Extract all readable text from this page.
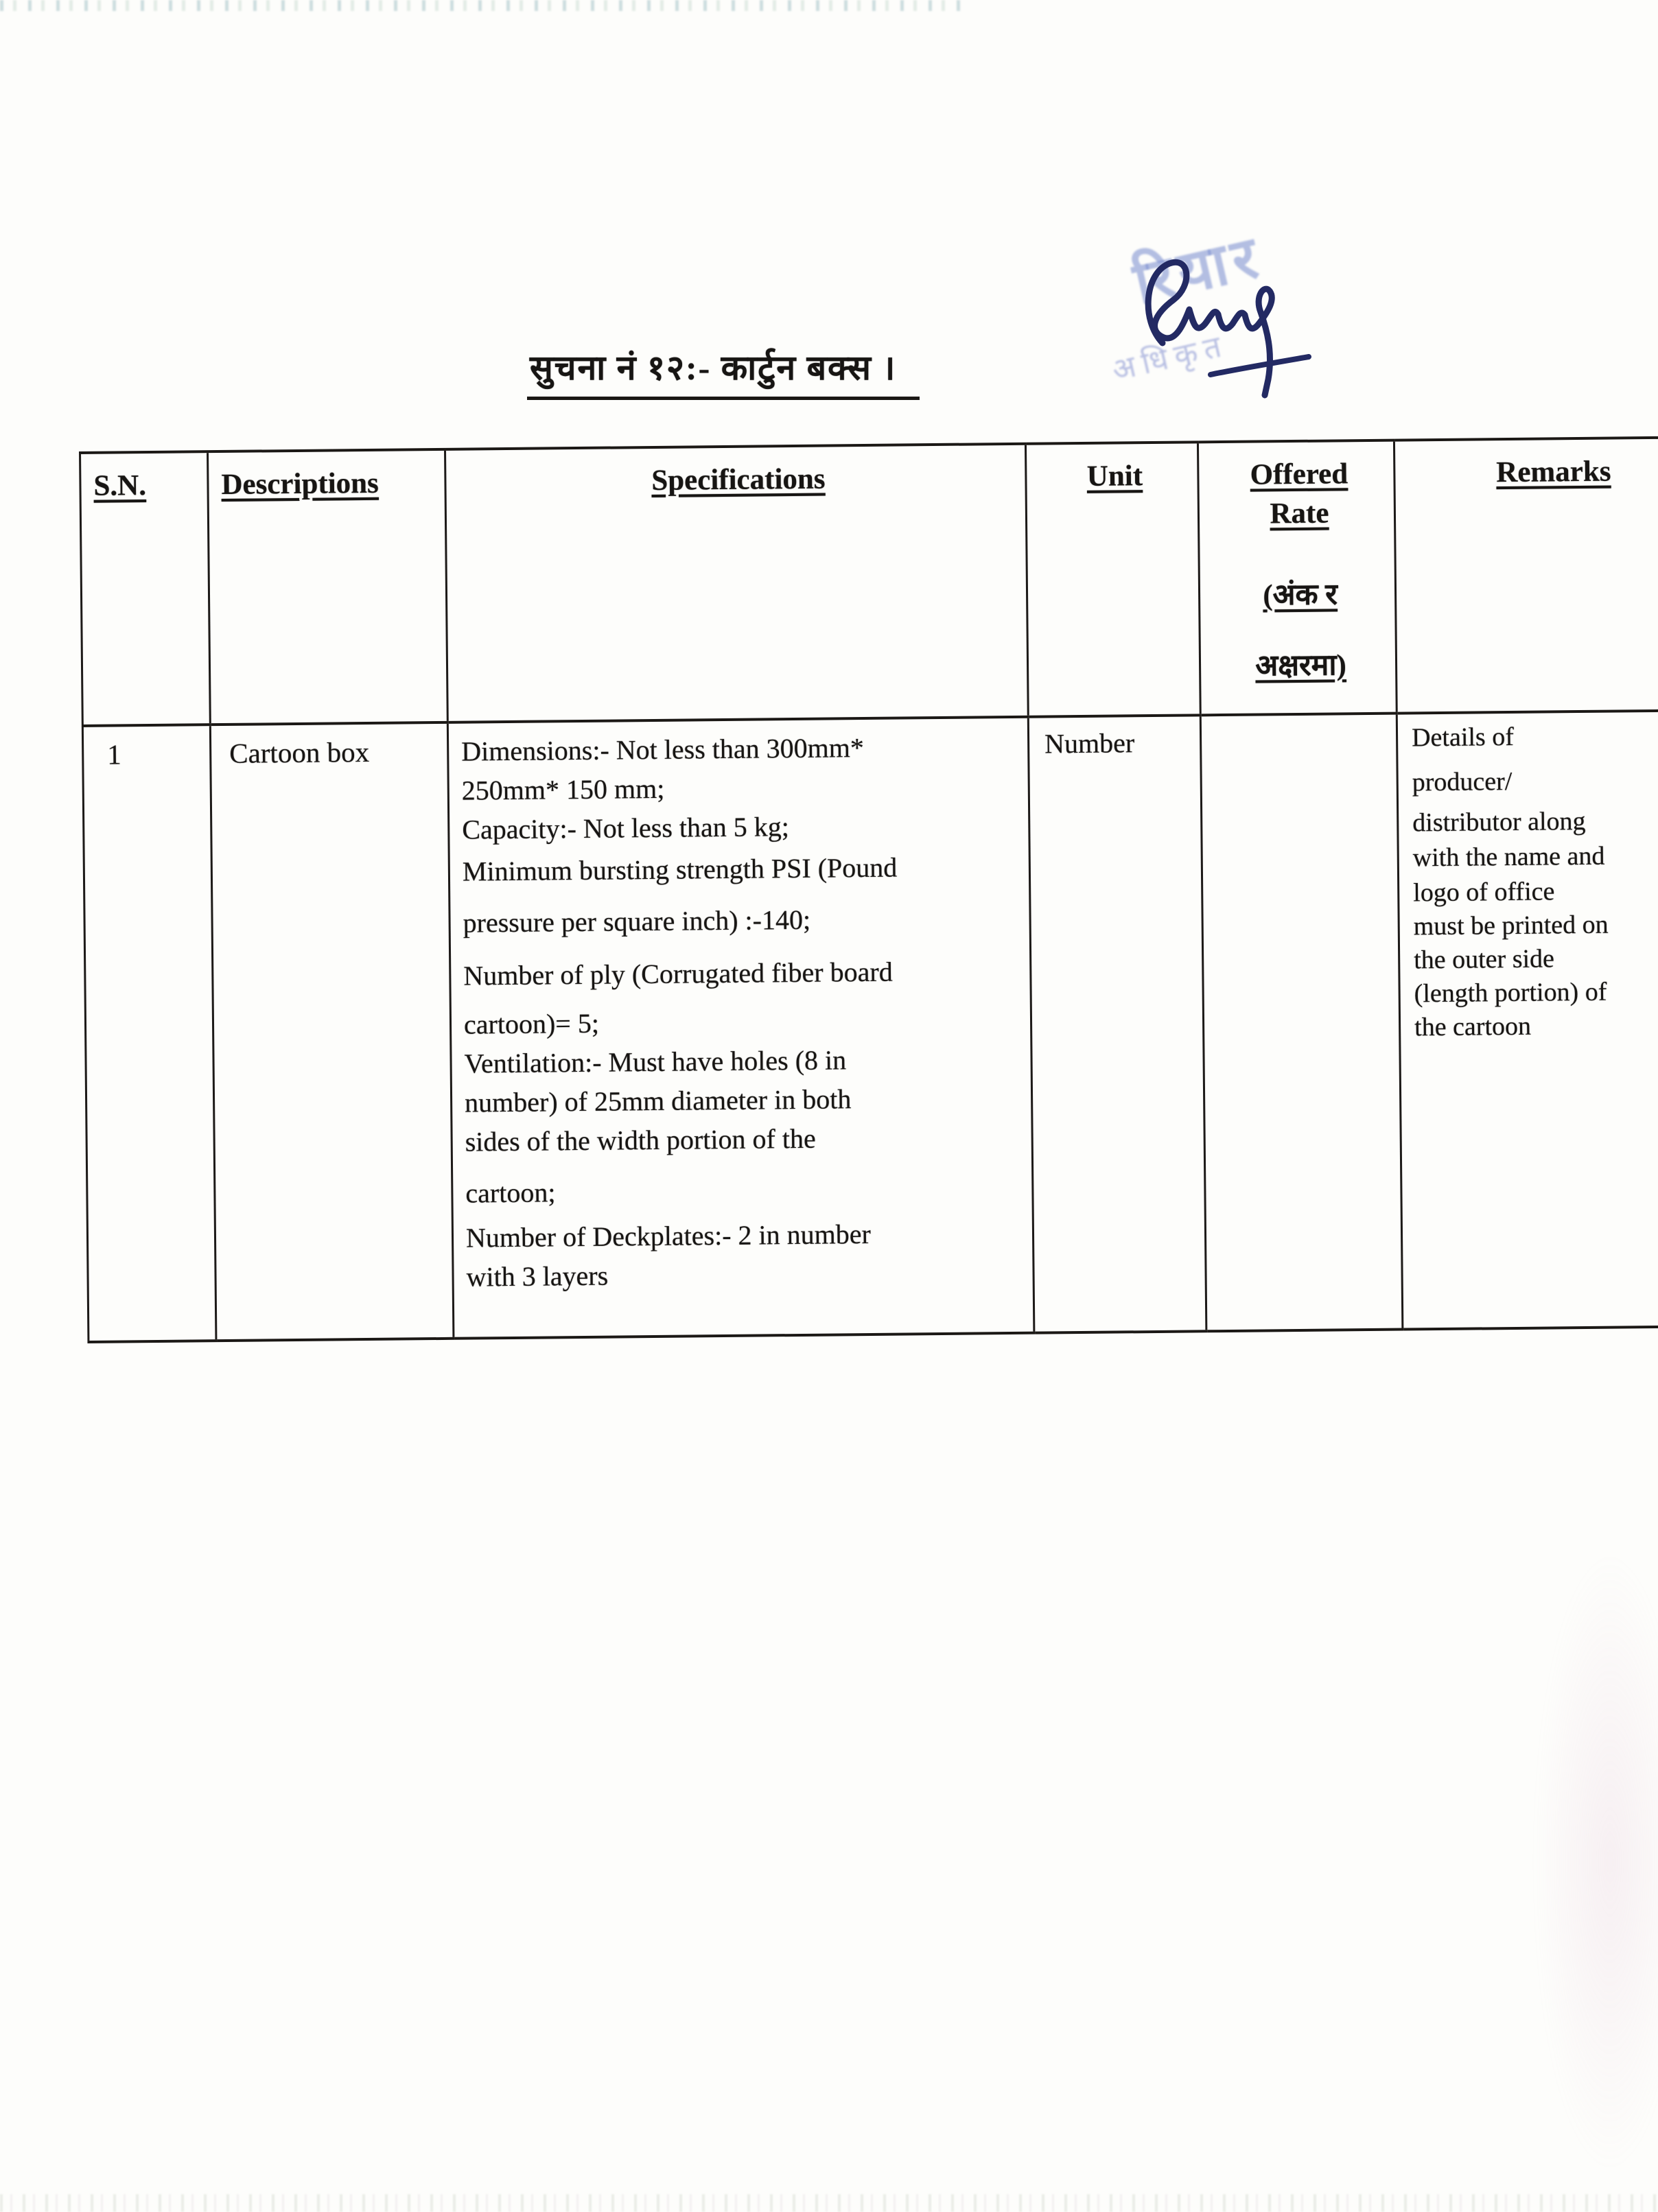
रियार
अधिकृत
सुचना नं १२:- कार्टुन बक्स ।
S.N.	Descriptions	Specifications	Unit	Offered
Rate
(अंक र
अक्षरमा)	Remarks
1	Cartoon box	Dimensions:- Not less than 300mm*
250mm* 150 mm;
Capacity:- Not less than 5 kg;
Minimum bursting strength PSI (Pound
pressure per square inch) :-140;
Number of ply (Corrugated fiber board
cartoon)= 5;
Ventilation:- Must have holes (8 in
number) of 25mm diameter in both
sides of the width portion of the
cartoon;
Number of Deckplates:- 2 in number
with 3 layers
	Number		Details of
producer/
distributor along
with the name and
logo of office
must be printed on
the outer side
(length portion) of
the cartoon
